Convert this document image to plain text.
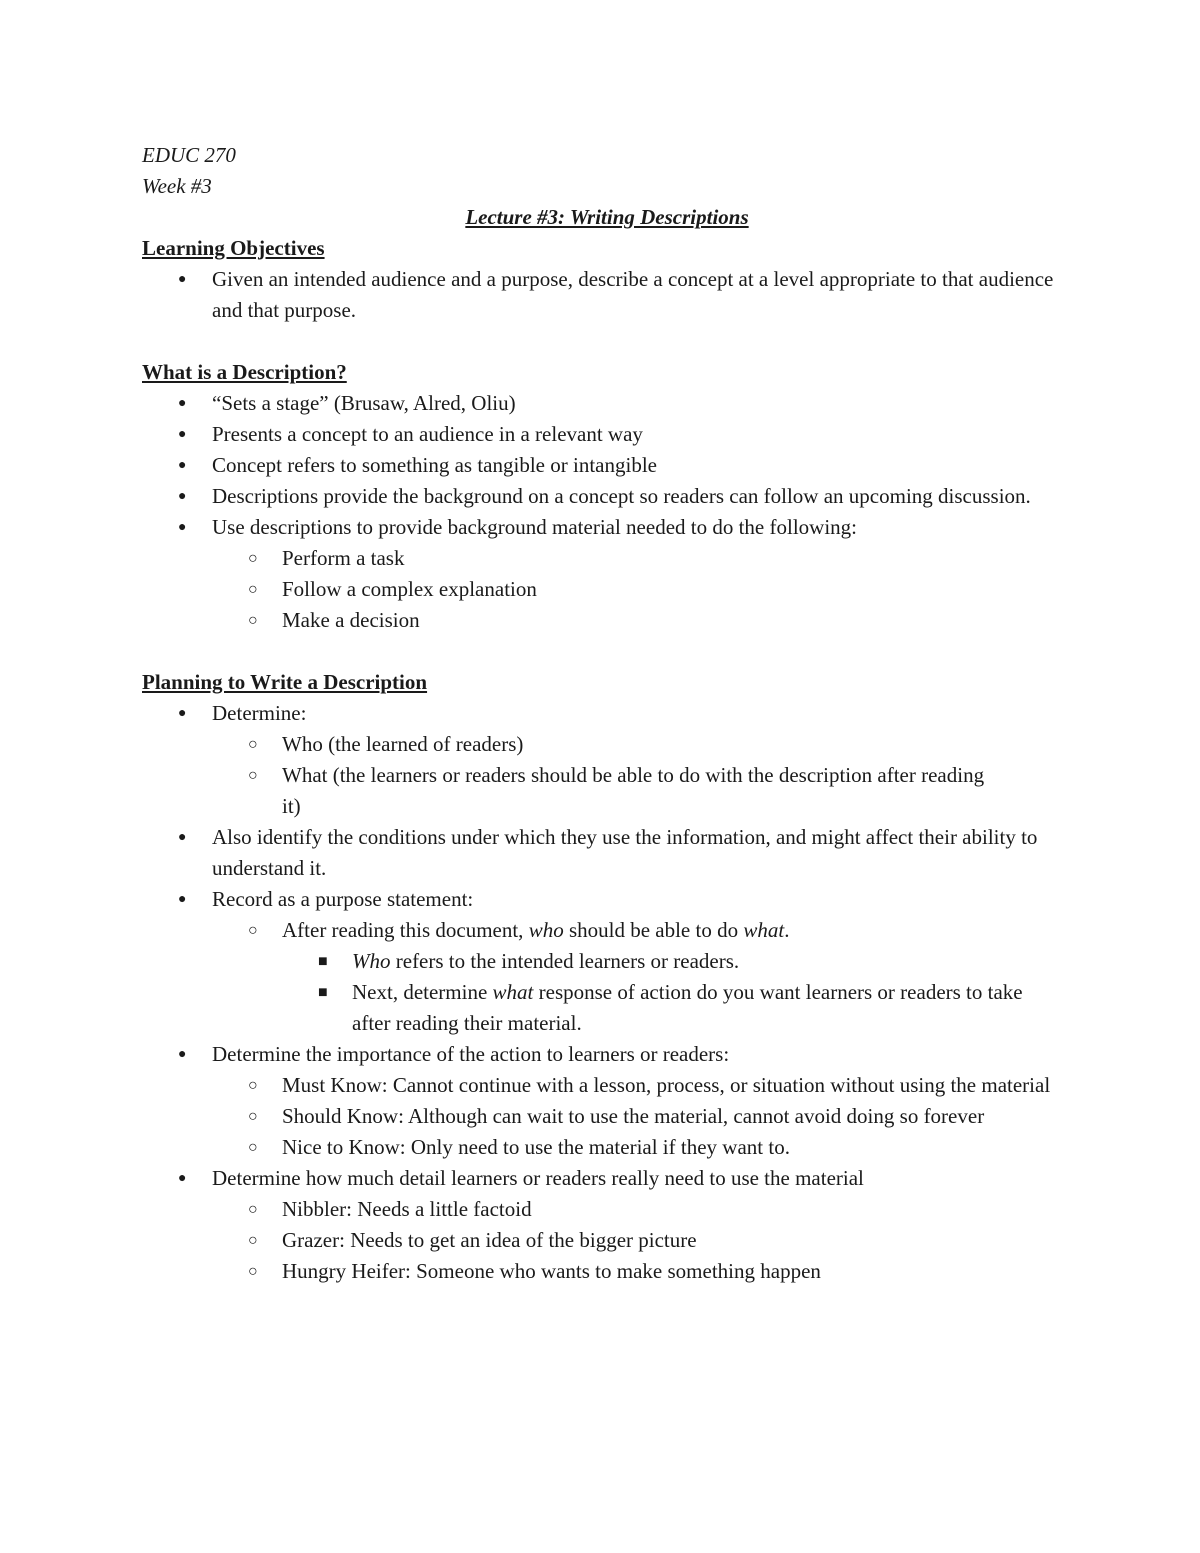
EDUC 270
Week #3
Lecture #3: Writing Descriptions
Learning Objectives
● Given an intended audience and a purpose, describe a concept at a level appropriate to that audience and that purpose.
What is a Description?
● “Sets a stage” (Brusaw, Alred, Oliu)
● Presents a concept to an audience in a relevant way
● Concept refers to something as tangible or intangible
● Descriptions provide the background on a concept so readers can follow an upcoming discussion.
● Use descriptions to provide background material needed to do the following:
○ Perform a task
○ Follow a complex explanation
○ Make a decision
Planning to Write a Description
● Determine:
○ Who (the learned of readers)
○ What (the learners or readers should be able to do with the description after reading it)
● Also identify the conditions under which they use the information, and might affect their ability to understand it.
● Record as a purpose statement:
○ After reading this document, who should be able to do what.
■ Who refers to the intended learners or readers.
■ Next, determine what response of action do you want learners or readers to take after reading their material.
● Determine the importance of the action to learners or readers:
○ Must Know: Cannot continue with a lesson, process, or situation without using the material
○ Should Know: Although can wait to use the material, cannot avoid doing so forever
○ Nice to Know: Only need to use the material if they want to.
● Determine how much detail learners or readers really need to use the material
○ Nibbler: Needs a little factoid
○ Grazer: Needs to get an idea of the bigger picture
○ Hungry Heifer: Someone who wants to make something happen
